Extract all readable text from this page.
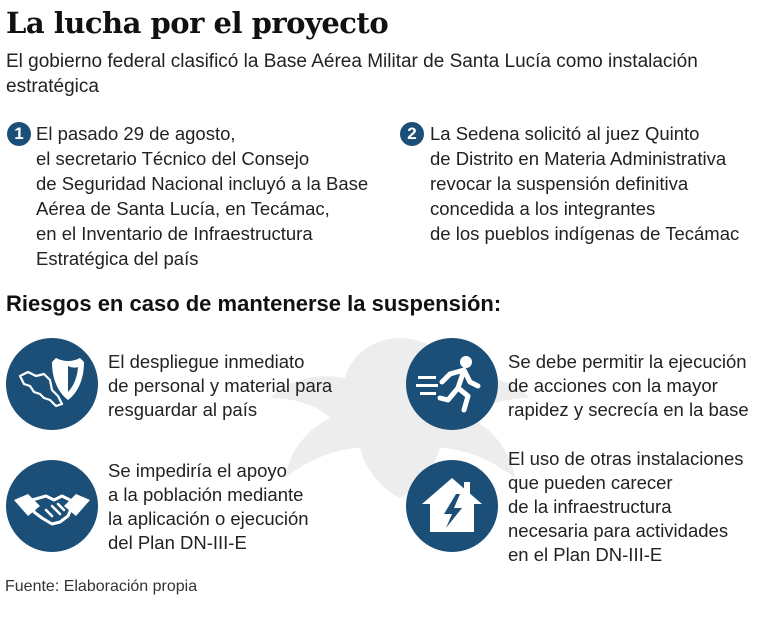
La lucha por el proyecto
El gobierno federal clasificó la Base Aérea Militar de Santa Lucía como instalación estratégica
1 El pasado 29 de agosto,
el secretario Técnico del Consejo
de Seguridad Nacional incluyó a la Base
Aérea de Santa Lucía, en Tecámac,
en el Inventario de Infraestructura
Estratégica del país
2 La Sedena solicitó al juez Quinto
de Distrito en Materia Administrativa
revocar la suspensión definitiva
concedida a los integrantes
de los pueblos indígenas de Tecámac
Riesgos en caso de mantenerse la suspensión:
El despliegue inmediato
de personal y material para
resguardar al país
Se debe permitir la ejecución
de acciones con la mayor
rapidez y secrecía en la base
Se impediría el apoyo
a la población mediante
la aplicación o ejecución
del Plan DN-III-E
El uso de otras instalaciones
que pueden carecer
de la infraestructura
necesaria para actividades
en el Plan DN-III-E
Fuente: Elaboración propia
